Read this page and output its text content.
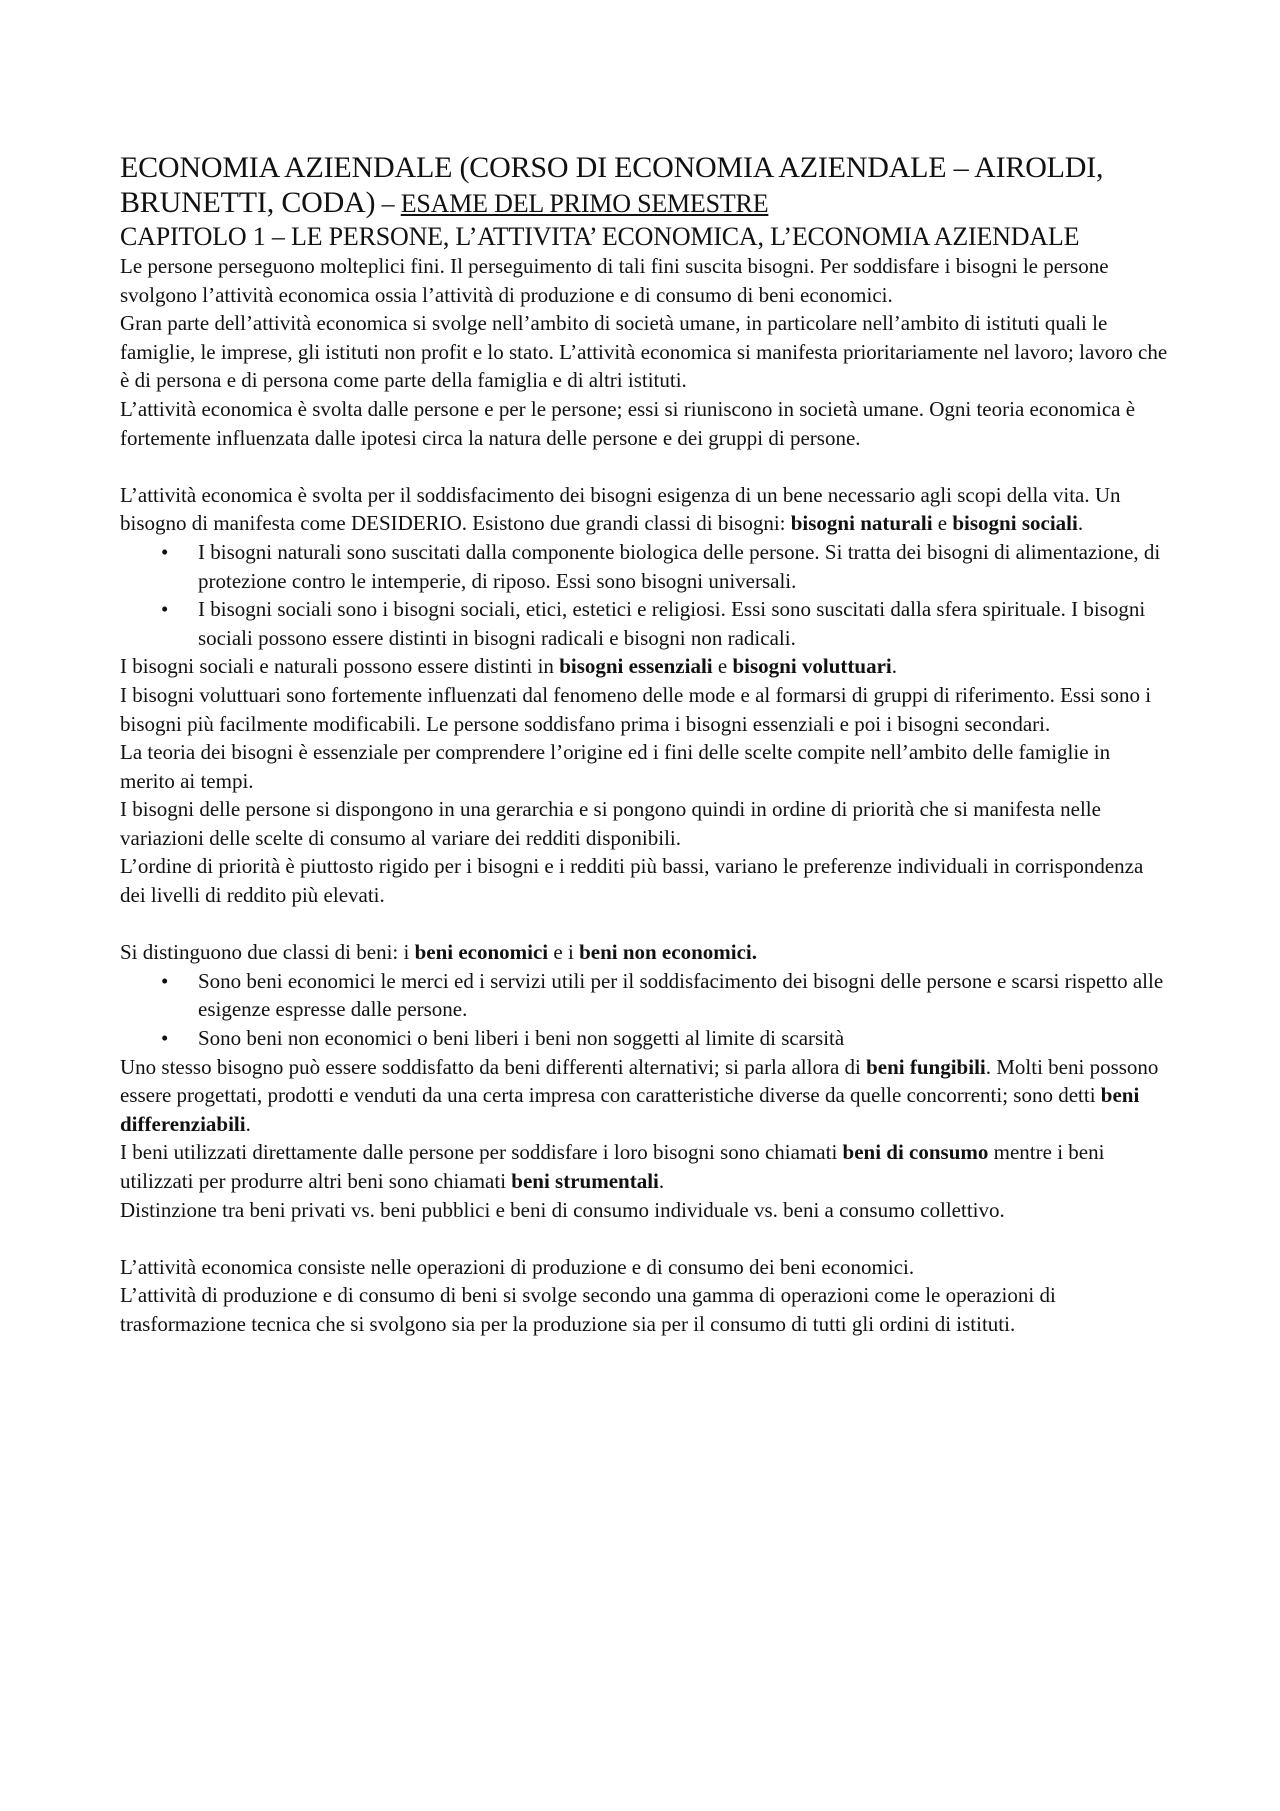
ECONOMIA AZIENDALE (CORSO DI ECONOMIA AZIENDALE – AIROLDI, BRUNETTI, CODA) – ESAME DEL PRIMO SEMESTRE
CAPITOLO 1 – LE PERSONE, L’ATTIVITA’ ECONOMICA, L’ECONOMIA AZIENDALE

Le persone perseguono molteplici fini. Il perseguimento di tali fini suscita bisogni. Per soddisfare i bisogni le persone svolgono l’attività economica ossia l’attività di produzione e di consumo di beni economici.

Gran parte dell’attività economica si svolge nell’ambito di società umane, in particolare nell’ambito di istituti quali le famiglie, le imprese, gli istituti non profit e lo stato. L’attività economica si manifesta prioritariamente nel lavoro; lavoro che è di persona e di persona come parte della famiglia e di altri istituti.

L’attività economica è svolta dalle persone e per le persone; essi si riuniscono in società umane. Ogni teoria economica è fortemente influenzata dalle ipotesi circa la natura delle persone e dei gruppi di persone.

L’attività economica è svolta per il soddisfacimento dei bisogni esigenza di un bene necessario agli scopi della vita. Un bisogno di manifesta come DESIDERIO. Esistono due grandi classi di bisogni: bisogni naturali e bisogni sociali.

• I bisogni naturali sono suscitati dalla componente biologica delle persone. Si tratta dei bisogni di alimentazione, di protezione contro le intemperie, di riposo. Essi sono bisogni universali.
• I bisogni sociali sono i bisogni sociali, etici, estetici e religiosi. Essi sono suscitati dalla sfera spirituale. I bisogni sociali possono essere distinti in bisogni radicali e bisogni non radicali.

I bisogni sociali e naturali possono essere distinti in bisogni essenziali e bisogni voluttuari.

I bisogni voluttuari sono fortemente influenzati dal fenomeno delle mode e al formarsi di gruppi di riferimento. Essi sono i bisogni più facilmente modificabili. Le persone soddisfano prima i bisogni essenziali e poi i bisogni secondari.

La teoria dei bisogni è essenziale per comprendere l’origine ed i fini delle scelte compite nell’ambito delle famiglie in merito ai tempi.

I bisogni delle persone si dispongono in una gerarchia e si pongono quindi in ordine di priorità che si manifesta nelle variazioni delle scelte di consumo al variare dei redditi disponibili.

L’ordine di priorità è piuttosto rigido per i bisogni e i redditi più bassi, variano le preferenze individuali in corrispondenza dei livelli di reddito più elevati.

Si distinguono due classi di beni: i beni economici e i beni non economici.

• Sono beni economici le merci ed i servizi utili per il soddisfacimento dei bisogni delle persone e scarsi rispetto alle esigenze espresse dalle persone.
• Sono beni non economici o beni liberi i beni non soggetti al limite di scarsità

Uno stesso bisogno può essere soddisfatto da beni differenti alternativi; si parla allora di beni fungibili. Molti beni possono essere progettati, prodotti e venduti da una certa impresa con caratteristiche diverse da quelle concorrenti; sono detti beni differenziabili.

I beni utilizzati direttamente dalle persone per soddisfare i loro bisogni sono chiamati beni di consumo mentre i beni utilizzati per produrre altri beni sono chiamati beni strumentali.

Distinzione tra beni privati vs. beni pubblici e beni di consumo individuale vs. beni a consumo collettivo.

L’attività economica consiste nelle operazioni di produzione e di consumo dei beni economici.

L’attività di produzione e di consumo di beni si svolge secondo una gamma di operazioni come le operazioni di trasformazione tecnica che si svolgono sia per la produzione sia per il consumo di tutti gli ordini di istituti.
